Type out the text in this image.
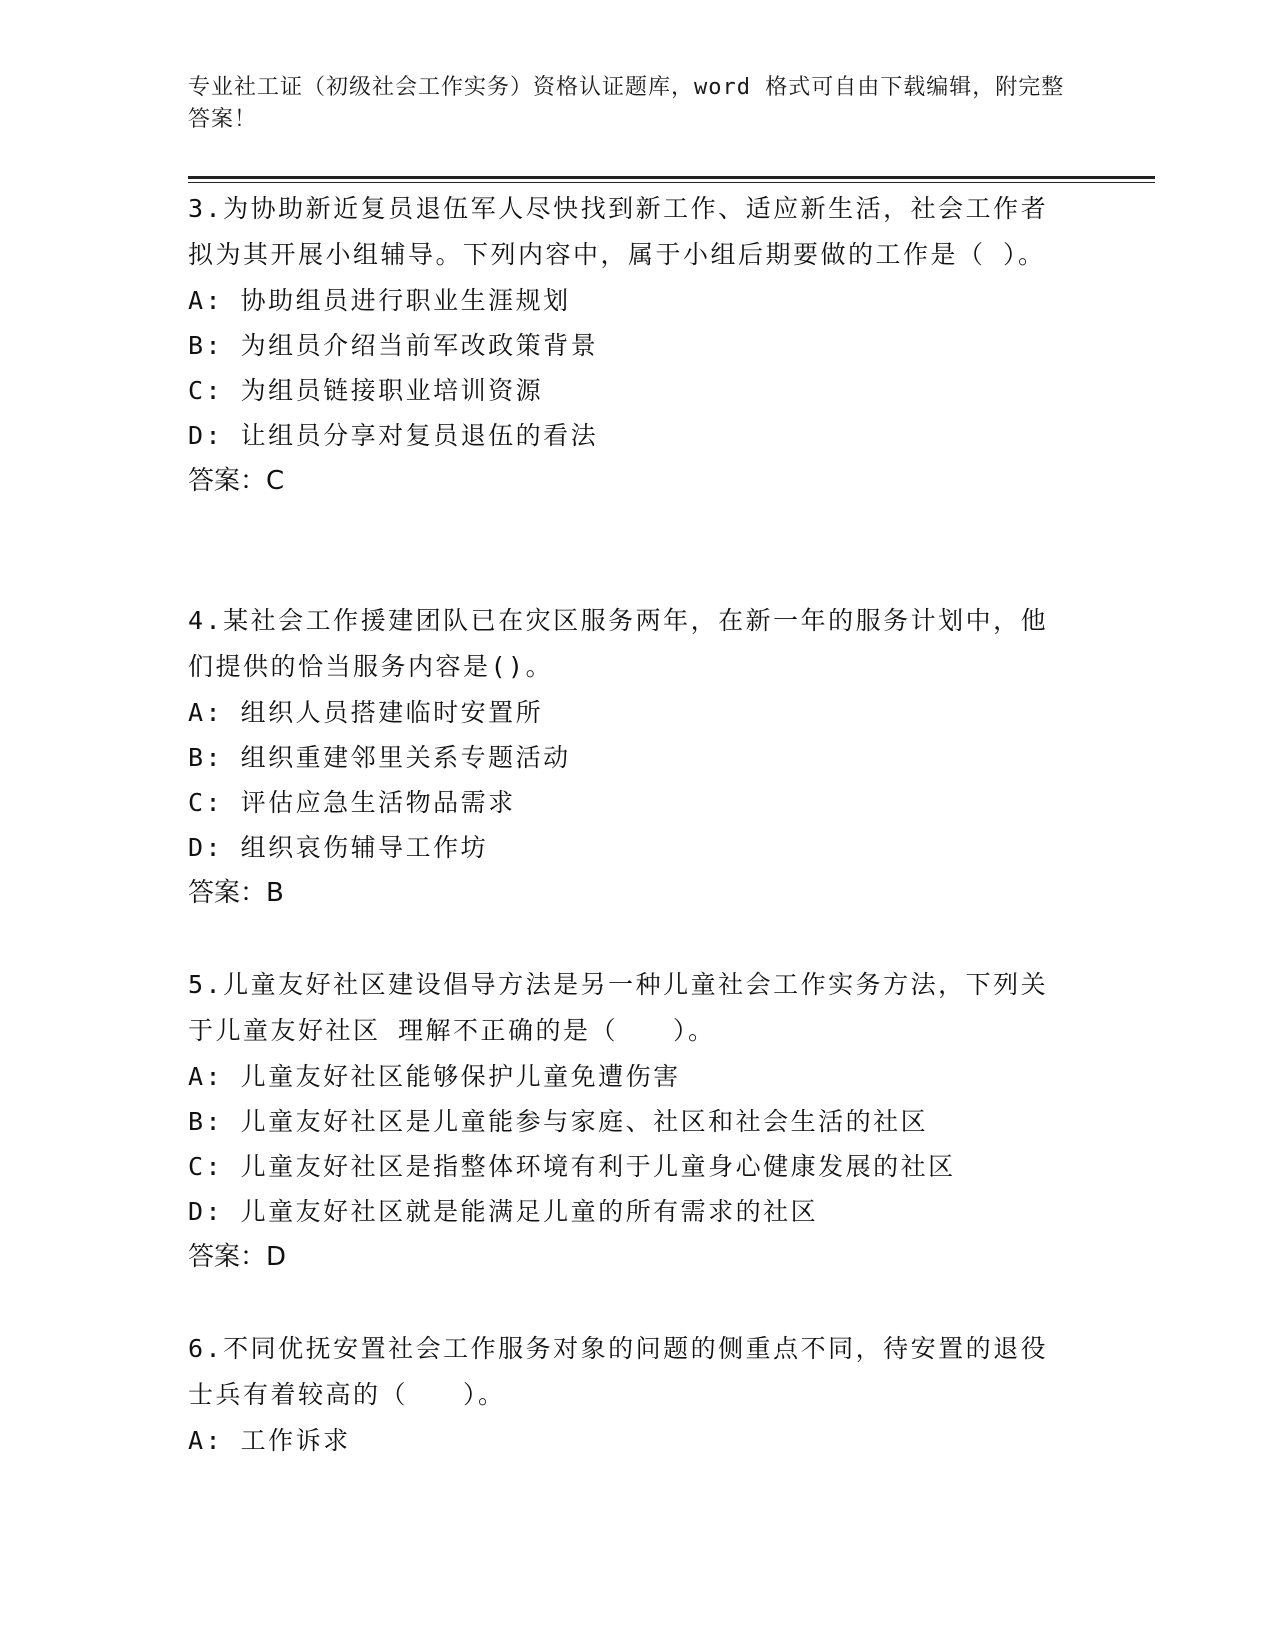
专业社工证（初级社会工作实务）资格认证题库，word 格式可自由下载编辑，附完整答案！

3.为协助新近复员退伍军人尽快找到新工作、适应新生活，社会工作者拟为其开展小组辅导。下列内容中，属于小组后期要做的工作是（ ）。

A: 协助组员进行职业生涯规划

B: 为组员介绍当前军改政策背景

C: 为组员链接职业培训资源

D: 让组员分享对复员退伍的看法

答案：C

4.某社会工作援建团队已在灾区服务两年，在新一年的服务计划中，他们提供的恰当服务内容是()。

A: 组织人员搭建临时安置所

B: 组织重建邻里关系专题活动

C: 评估应急生活物品需求

D: 组织哀伤辅导工作坊

答案：B

5.儿童友好社区建设倡导方法是另一种儿童社会工作实务方法，下列关于儿童友好社区 理解不正确的是（　　）。

A: 儿童友好社区能够保护儿童免遭伤害

B: 儿童友好社区是儿童能参与家庭、社区和社会生活的社区

C: 儿童友好社区是指整体环境有利于儿童身心健康发展的社区

D: 儿童友好社区就是能满足儿童的所有需求的社区

答案：D

6.不同优抚安置社会工作服务对象的问题的侧重点不同，待安置的退役士兵有着较高的（　　）。

A: 工作诉求
